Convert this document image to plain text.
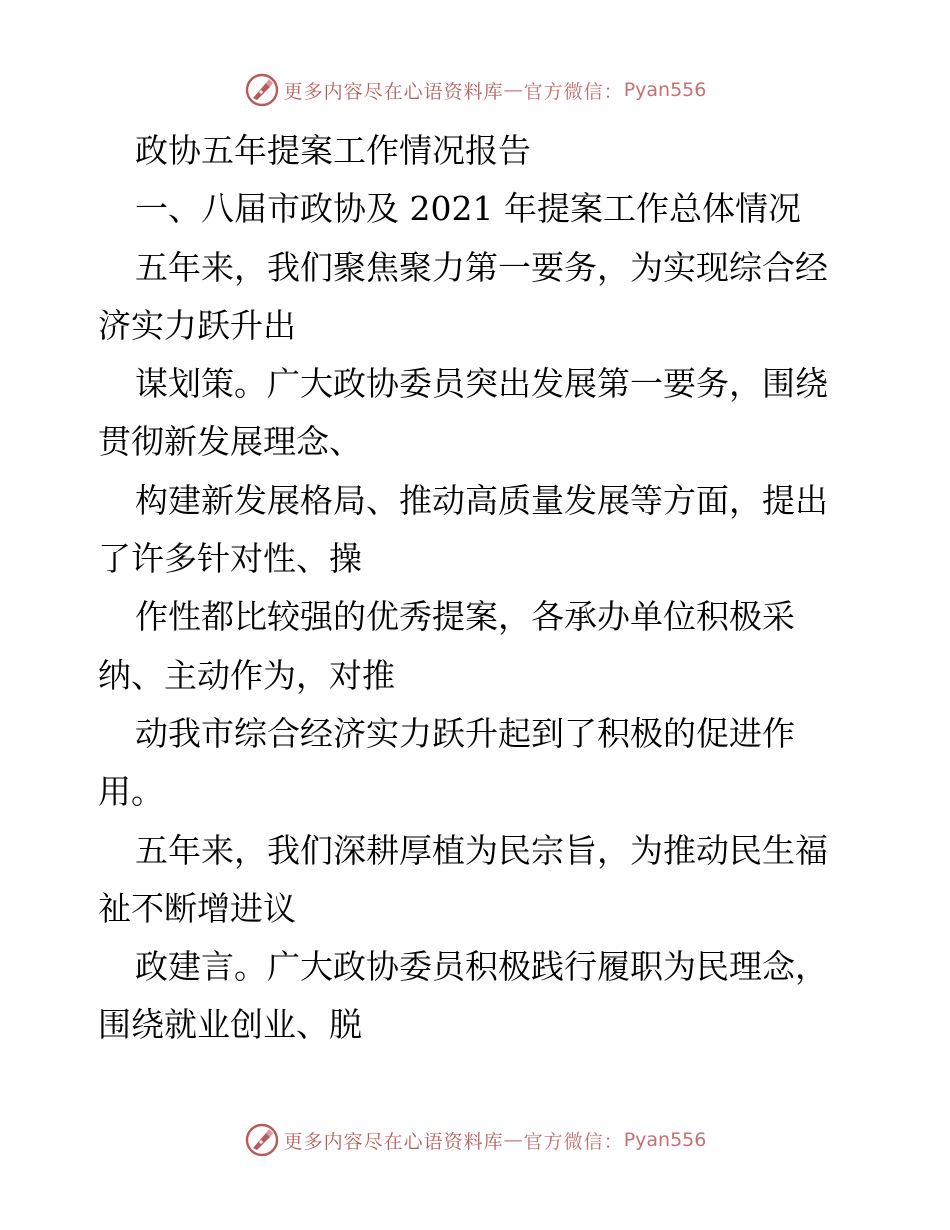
更多内容尽在心语资料库 — 官方微信： Pyan556

政协五年提案工作情况报告

一、八届市政协及 2021 年提案工作总体情况

五年来，我们聚焦聚力第一要务，为实现综合经

济实力跃升出

谋划策。广大政协委员突出发展第一要务，围绕

贯彻新发展理念、

构建新发展格局、推动高质量发展等方面，提出

了许多针对性、操

作性都比较强的优秀提案，各承办单位积极采

纳、主动作为，对推

动我市综合经济实力跃升起到了积极的促进作

用。

五年来，我们深耕厚植为民宗旨，为推动民生福

祉不断增进议

政建言。广大政协委员积极践行履职为民理念，

围绕就业创业、脱

更多内容尽在心语资料库 — 官方微信： Pyan556
